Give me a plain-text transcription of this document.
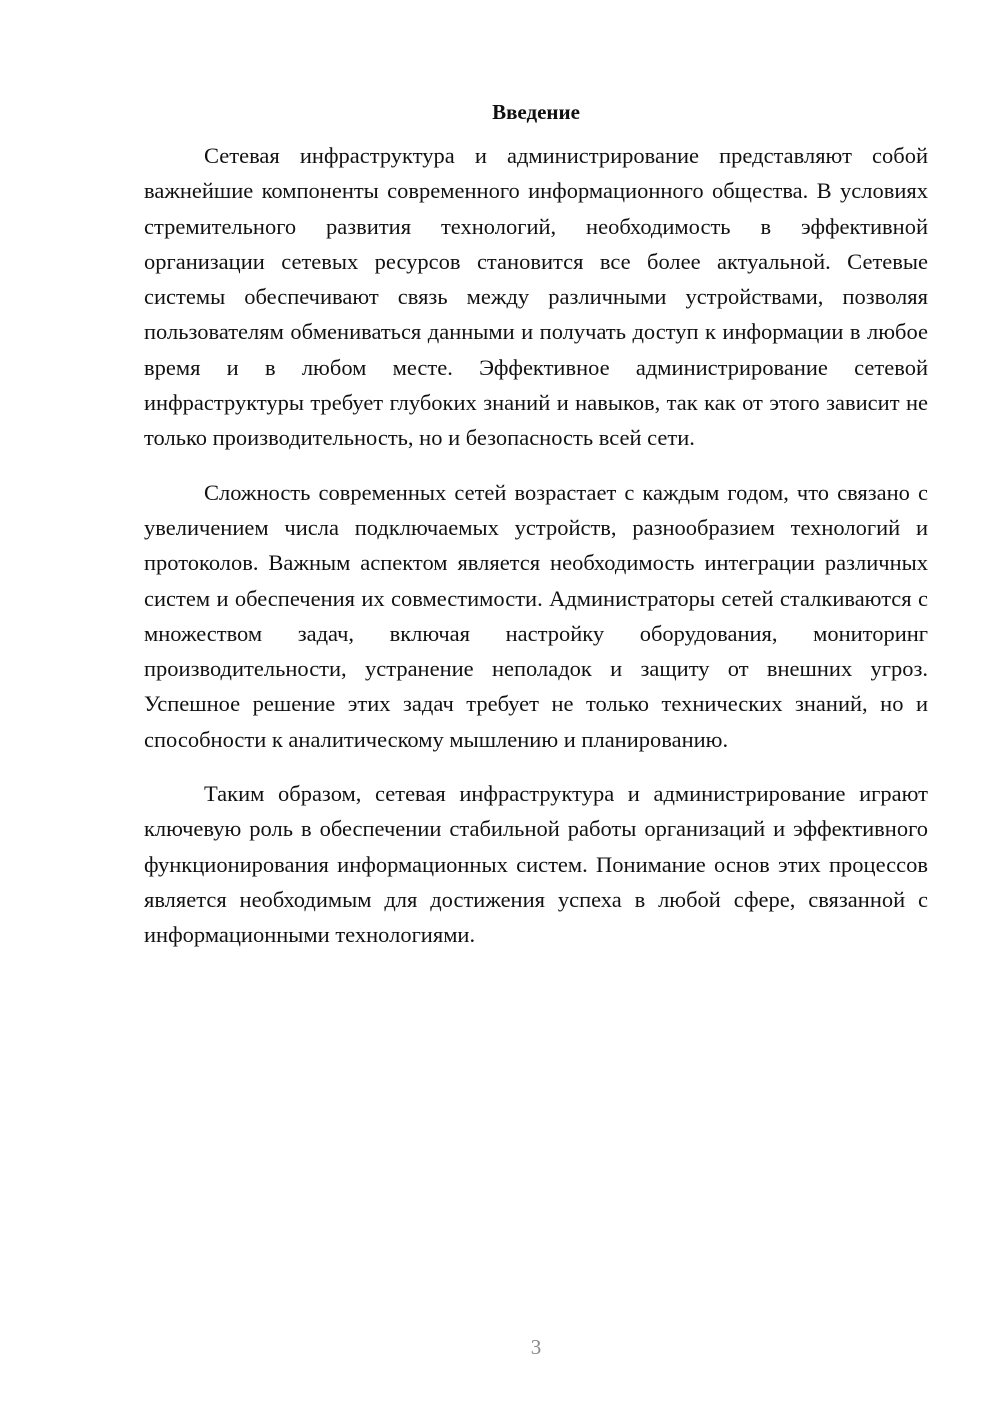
Введение

Сетевая инфраструктура и администрирование представляют собой важнейшие компоненты современного информационного общества. В условиях стремительного развития технологий, необходимость в эффективной организации сетевых ресурсов становится все более актуальной. Сетевые системы обеспечивают связь между различными устройствами, позволяя пользователям обмениваться данными и получать доступ к информации в любое время и в любом месте. Эффективное администрирование сетевой инфраструктуры требует глубоких знаний и навыков, так как от этого зависит не только производительность, но и безопасность всей сети.

Сложность современных сетей возрастает с каждым годом, что связано с увеличением числа подключаемых устройств, разнообразием технологий и протоколов. Важным аспектом является необходимость интеграции различных систем и обеспечения их совместимости. Администраторы сетей сталкиваются с множеством задач, включая настройку оборудования, мониторинг производительности, устранение неполадок и защиту от внешних угроз. Успешное решение этих задач требует не только технических знаний, но и способности к аналитическому мышлению и планированию.

Таким образом, сетевая инфраструктура и администрирование играют ключевую роль в обеспечении стабильной работы организаций и эффективного функционирования информационных систем. Понимание основ этих процессов является необходимым для достижения успеха в любой сфере, связанной с информационными технологиями.

3
